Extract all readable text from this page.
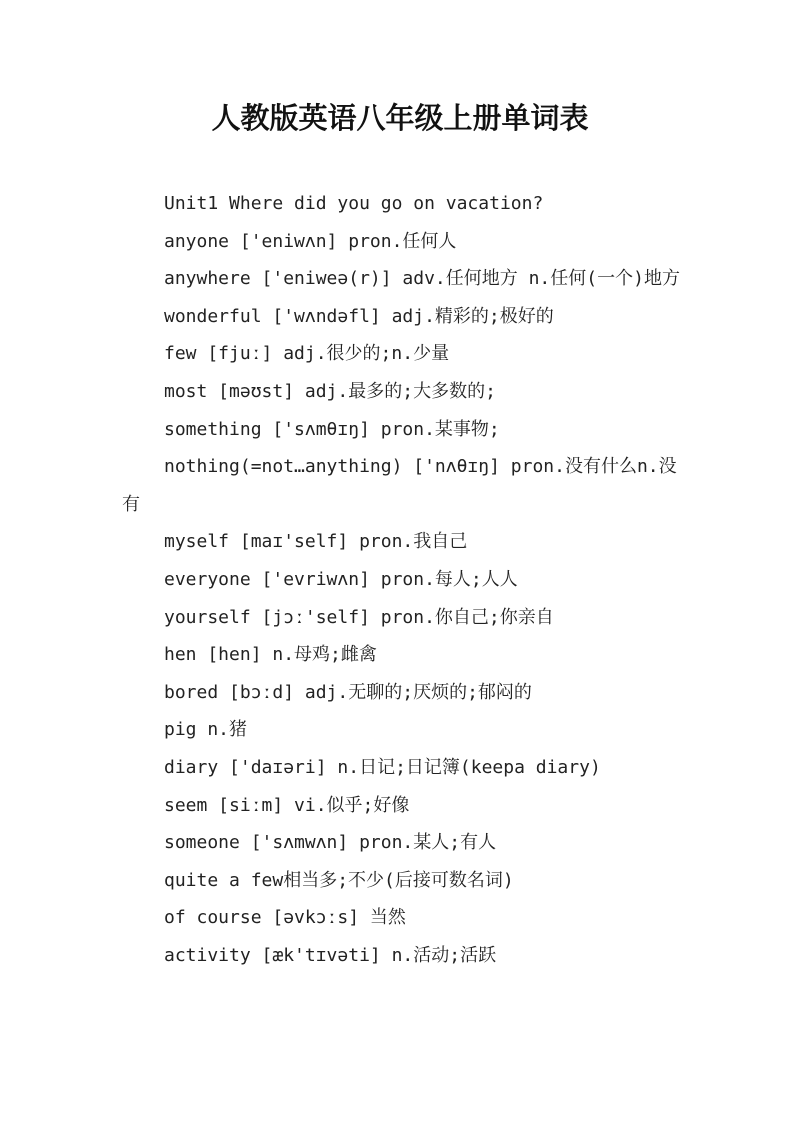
人教版英语八年级上册单词表

Unit1 Where did you go on vacation?

anyone ['eniwʌn] pron.任何人

anywhere ['eniweə(r)] adv.任何地方 n.任何(一个)地方

wonderful ['wʌndəfl] adj.精彩的;极好的

few [fjuː] adj.很少的;n.少量

most [məʊst] adj.最多的;大多数的;

something ['sʌmθɪŋ] pron.某事物;

nothing(=not…anything) ['nʌθɪŋ] pron.没有什么n.没有

myself [maɪ'self] pron.我自己

everyone ['evriwʌn] pron.每人;人人

yourself [jɔː'self] pron.你自己;你亲自

hen [hen] n.母鸡;雌禽

bored [bɔːd] adj.无聊的;厌烦的;郁闷的

pig n.猪

diary ['daɪəri] n.日记;日记簿(keepa diary)

seem [siːm] vi.似乎;好像

someone ['sʌmwʌn] pron.某人;有人

quite a few相当多;不少(后接可数名词)

of course [əvkɔːs] 当然

activity [æk'tɪvəti] n.活动;活跃
